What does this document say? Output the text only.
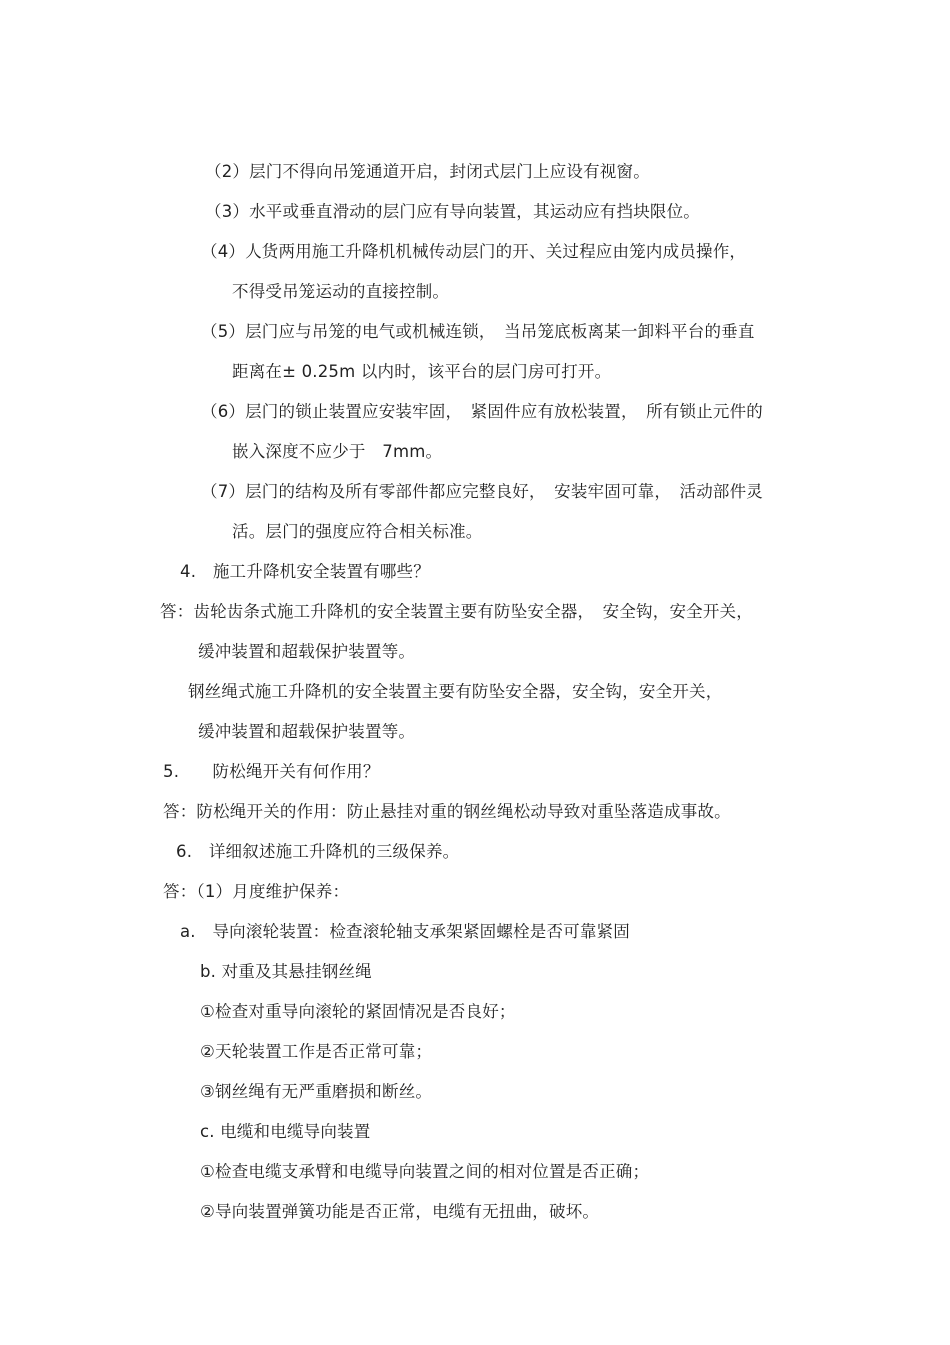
（2）层门不得向吊笼通道开启，封闭式层门上应设有视窗。
（3）水平或垂直滑动的层门应有导向装置，其运动应有挡块限位。
（4）人货两用施工升降机机械传动层门的开、关过程应由笼内成员操作，
不得受吊笼运动的直接控制。
（5）层门应与吊笼的电气或机械连锁，　当吊笼底板离某一卸料平台的垂直
距离在± 0.25m 以内时，该平台的层门房可打开。
（6）层门的锁止装置应安装牢固，　紧固件应有放松装置，　所有锁止元件的
嵌入深度不应少于　7mm。
（7）层门的结构及所有零部件都应完整良好，　安装牢固可靠，　活动部件灵
活。层门的强度应符合相关标准。
4.　施工升降机安全装置有哪些？
答：齿轮齿条式施工升降机的安全装置主要有防坠安全器，　安全钩，安全开关，
缓冲装置和超载保护装置等。
钢丝绳式施工升降机的安全装置主要有防坠安全器，安全钩，安全开关，
缓冲装置和超载保护装置等。
5.　　防松绳开关有何作用？
答：防松绳开关的作用：防止悬挂对重的钢丝绳松动导致对重坠落造成事故。
6.　详细叙述施工升降机的三级保养。
答：（1）月度维护保养：
a.　导向滚轮装置：检查滚轮轴支承架紧固螺栓是否可靠紧固
b. 对重及其悬挂钢丝绳
①检查对重导向滚轮的紧固情况是否良好；
②天轮装置工作是否正常可靠；
③钢丝绳有无严重磨损和断丝。
c. 电缆和电缆导向装置
①检查电缆支承臂和电缆导向装置之间的相对位置是否正确；
②导向装置弹簧功能是否正常，电缆有无扭曲，破坏。
